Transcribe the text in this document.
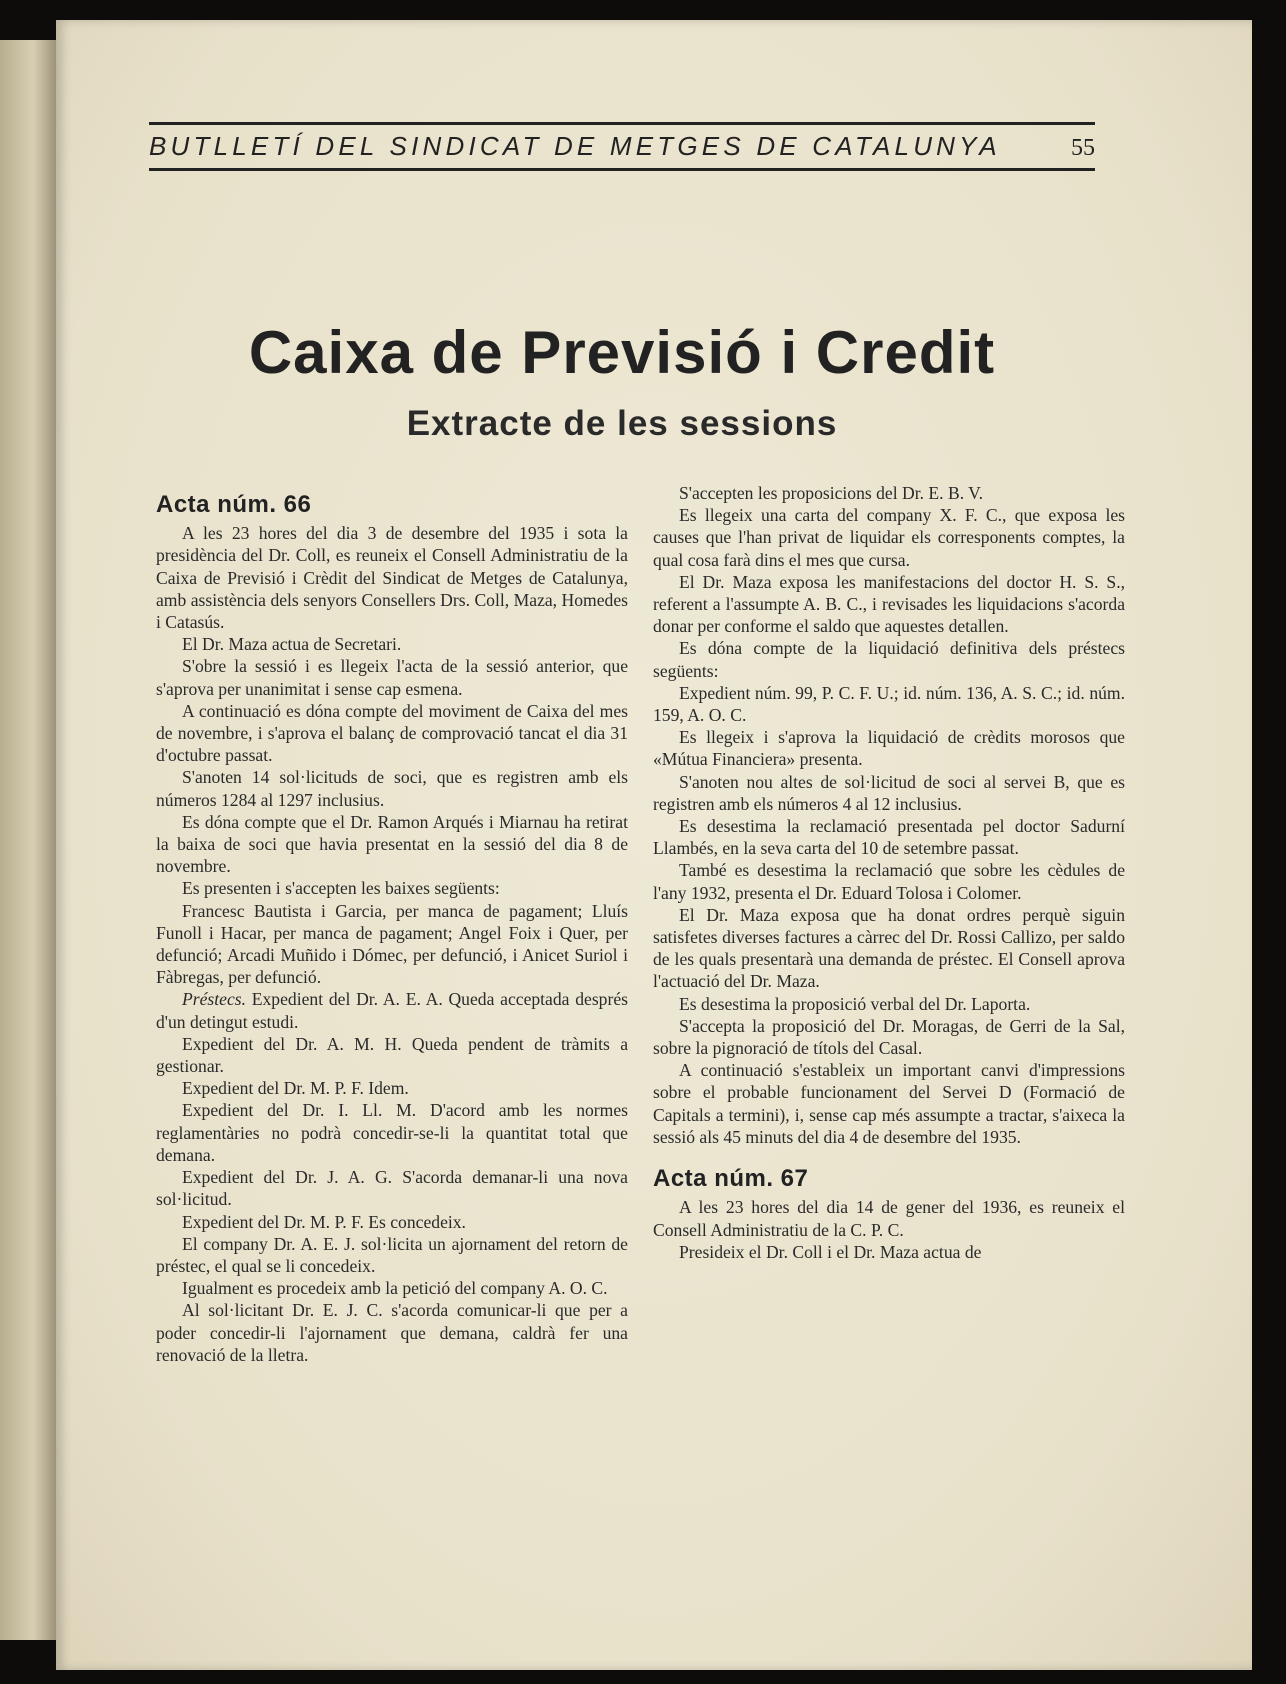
BUTLLETÍ DEL SINDICAT DE METGES DE CATALUNYA	55
Caixa de Previsió i Credit
Extracte de les sessions
Acta núm. 66

A les 23 hores del dia 3 de desembre del 1935 i sota la presidència del Dr. Coll, es reuneix el Consell Administratiu de la Caixa de Previsió i Crèdit del Sindicat de Metges de Catalunya, amb assistència dels senyors Consellers Drs. Coll, Maza, Homedes i Catasús.

El Dr. Maza actua de Secretari.

S'obre la sessió i es llegeix l'acta de la sessió anterior, que s'aprova per unanimitat i sense cap esmena.

A continuació es dóna compte del moviment de Caixa del mes de novembre, i s'aprova el balanç de comprovació tancat el dia 31 d'octubre passat.

S'anoten 14 sol·licituds de soci, que es registren amb els números 1284 al 1297 inclusius.

Es dóna compte que el Dr. Ramon Arqués i Miarnau ha retirat la baixa de soci que havia presentat en la sessió del dia 8 de novembre.

Es presenten i s'accepten les baixes següents:

Francesc Bautista i Garcia, per manca de pagament; Lluís Funoll i Hacar, per manca de pagament; Angel Foix i Quer, per defunció; Arcadi Muñido i Dómec, per defunció, i Anicet Suriol i Fàbregas, per defunció.

Préstecs. Expedient del Dr. A. E. A. Queda acceptada després d'un detingut estudi.

Expedient del Dr. A. M. H. Queda pendent de tràmits a gestionar.

Expedient del Dr. M. P. F. Idem.

Expedient del Dr. I. Ll. M. D'acord amb les normes reglamentàries no podrà concedir-se-li la quantitat total que demana.

Expedient del Dr. J. A. G. S'acorda demanar-li una nova sol·licitud.

Expedient del Dr. M. P. F. Es concedeix.

El company Dr. A. E. J. sol·licita un ajornament del retorn de préstec, el qual se li concedeix.

Igualment es procedeix amb la petició del company A. O. C.

Al sol·licitant Dr. E. J. C. s'acorda comunicar-li que per a poder concedir-li l'ajornament que demana, caldrà fer una renovació de la lletra.

S'accepten les proposicions del Dr. E. B. V.

Es llegeix una carta del company X. F. C., que exposa les causes que l'han privat de liquidar els corresponents comptes, la qual cosa farà dins el mes que cursa.

El Dr. Maza exposa les manifestacions del doctor H. S. S., referent a l'assumpte A. B. C., i revisades les liquidacions s'acorda donar per conforme el saldo que aquestes detallen.

Es dóna compte de la liquidació definitiva dels préstecs següents:

Expedient núm. 99, P. C. F. U.; id. núm. 136, A. S. C.; id. núm. 159, A. O. C.

Es llegeix i s'aprova la liquidació de crèdits morosos que «Mútua Financiera» presenta.

S'anoten nou altes de sol·licitud de soci al servei B, que es registren amb els números 4 al 12 inclusius.

Es desestima la reclamació presentada pel doctor Sadurní Llambés, en la seva carta del 10 de setembre passat.

També es desestima la reclamació que sobre les cèdules de l'any 1932, presenta el Dr. Eduard Tolosa i Colomer.

El Dr. Maza exposa que ha donat ordres perquè siguin satisfetes diverses factures a càrrec del Dr. Rossi Callizo, per saldo de les quals presentarà una demanda de préstec. El Consell aprova l'actuació del Dr. Maza.

Es desestima la proposició verbal del Dr. Laporta.

S'accepta la proposició del Dr. Moragas, de Gerri de la Sal, sobre la pignoració de títols del Casal.

A continuació s'estableix un important canvi d'impressions sobre el probable funcionament del Servei D (Formació de Capitals a termini), i, sense cap més assumpte a tractar, s'aixeca la sessió als 45 minuts del dia 4 de desembre del 1935.

Acta núm. 67

A les 23 hores del dia 14 de gener del 1936, es reuneix el Consell Administratiu de la C. P. C.

Presideix el Dr. Coll i el Dr. Maza actua de
